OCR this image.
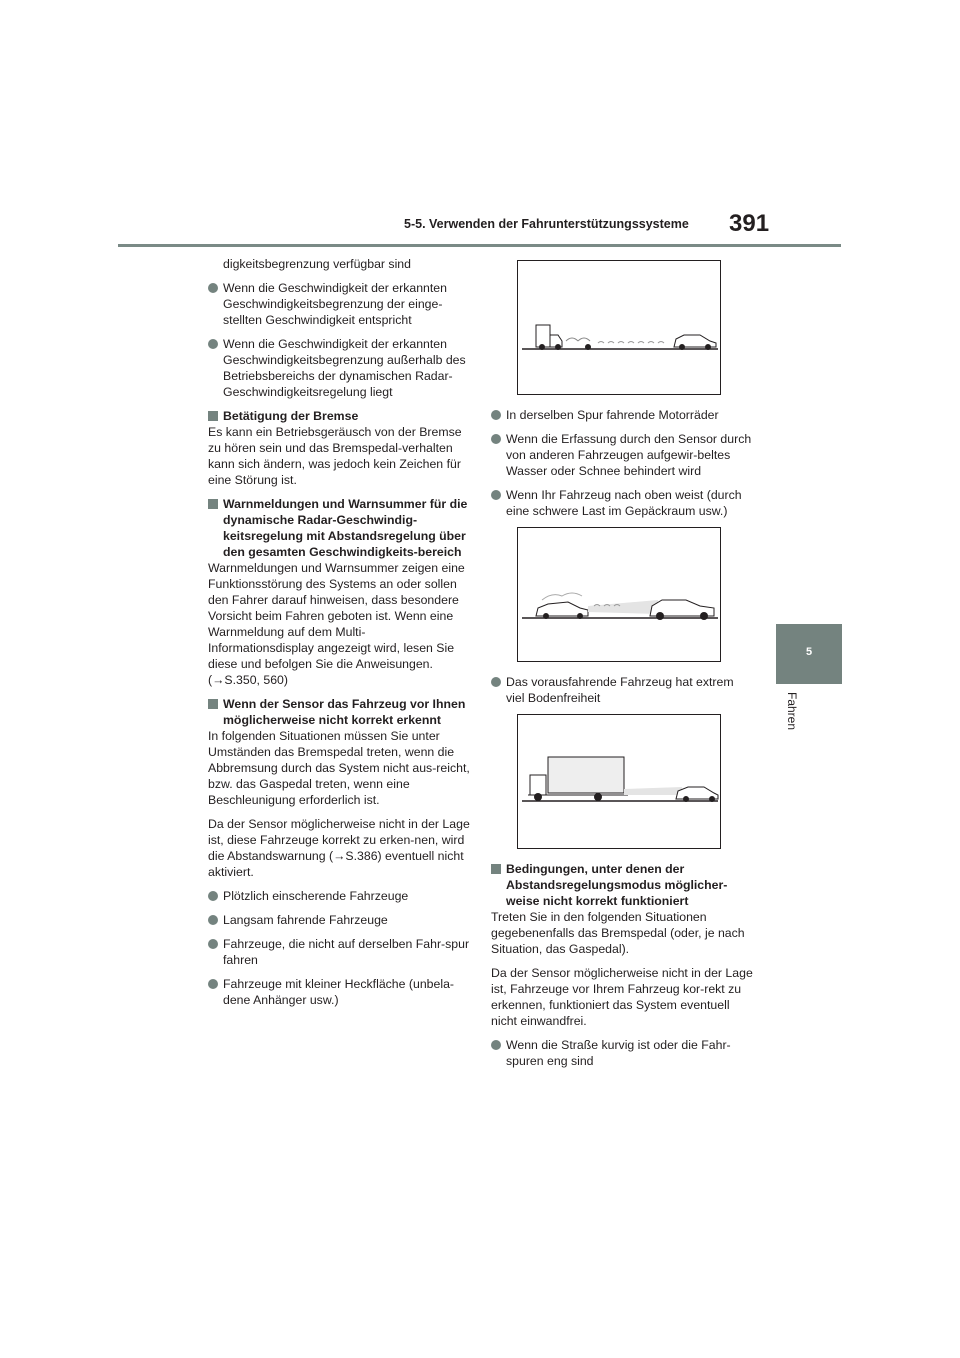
5-5. Verwenden der Fahrunterstützungssysteme 391
5
Fahren
digkeitsbegrenzung verfügbar sind
Wenn die Geschwindigkeit der erkannten Geschwindigkeitsbegrenzung der einge-stellten Geschwindigkeit entspricht
Wenn die Geschwindigkeit der erkannten Geschwindigkeitsbegrenzung außerhalb des Betriebsbereichs der dynamischen Radar-Geschwindigkeitsregelung liegt
Betätigung der Bremse
Es kann ein Betriebsgeräusch von der Bremse zu hören sein und das Bremspedal-verhalten kann sich ändern, was jedoch kein Zeichen für eine Störung ist.
Warnmeldungen und Warnsummer für die dynamische Radar-Geschwindig-keitsregelung mit Abstandsregelung über den gesamten Geschwindigkeits-bereich
Warnmeldungen und Warnsummer zeigen eine Funktionsstörung des Systems an oder sollen den Fahrer darauf hinweisen, dass besondere Vorsicht beim Fahren geboten ist. Wenn eine Warnmeldung auf dem Multi-Informationsdisplay angezeigt wird, lesen Sie diese und befolgen Sie die Anweisungen. (→S.350, 560)
Wenn der Sensor das Fahrzeug vor Ihnen möglicherweise nicht korrekt erkennt
In folgenden Situationen müssen Sie unter Umständen das Bremspedal treten, wenn die Abbremsung durch das System nicht aus-reicht, bzw. das Gaspedal treten, wenn eine Beschleunigung erforderlich ist.
Da der Sensor möglicherweise nicht in der Lage ist, diese Fahrzeuge korrekt zu erken-nen, wird die Abstandswarnung (→S.386) eventuell nicht aktiviert.
Plötzlich einscherende Fahrzeuge
Langsam fahrende Fahrzeuge
Fahrzeuge, die nicht auf derselben Fahr-spur fahren
Fahrzeuge mit kleiner Heckfläche (unbela-dene Anhänger usw.)
In derselben Spur fahrende Motorräder
Wenn die Erfassung durch den Sensor durch von anderen Fahrzeugen aufgewir-beltes Wasser oder Schnee behindert wird
Wenn Ihr Fahrzeug nach oben weist (durch eine schwere Last im Gepäckraum usw.)
Das vorausfahrende Fahrzeug hat extrem viel Bodenfreiheit
Bedingungen, unter denen der Abstandsregelungsmodus möglicher-weise nicht korrekt funktioniert
Treten Sie in den folgenden Situationen gegebenenfalls das Bremspedal (oder, je nach Situation, das Gaspedal).
Da der Sensor möglicherweise nicht in der Lage ist, Fahrzeuge vor Ihrem Fahrzeug kor-rekt zu erkennen, funktioniert das System eventuell nicht einwandfrei.
Wenn die Straße kurvig ist oder die Fahr-spuren eng sind
